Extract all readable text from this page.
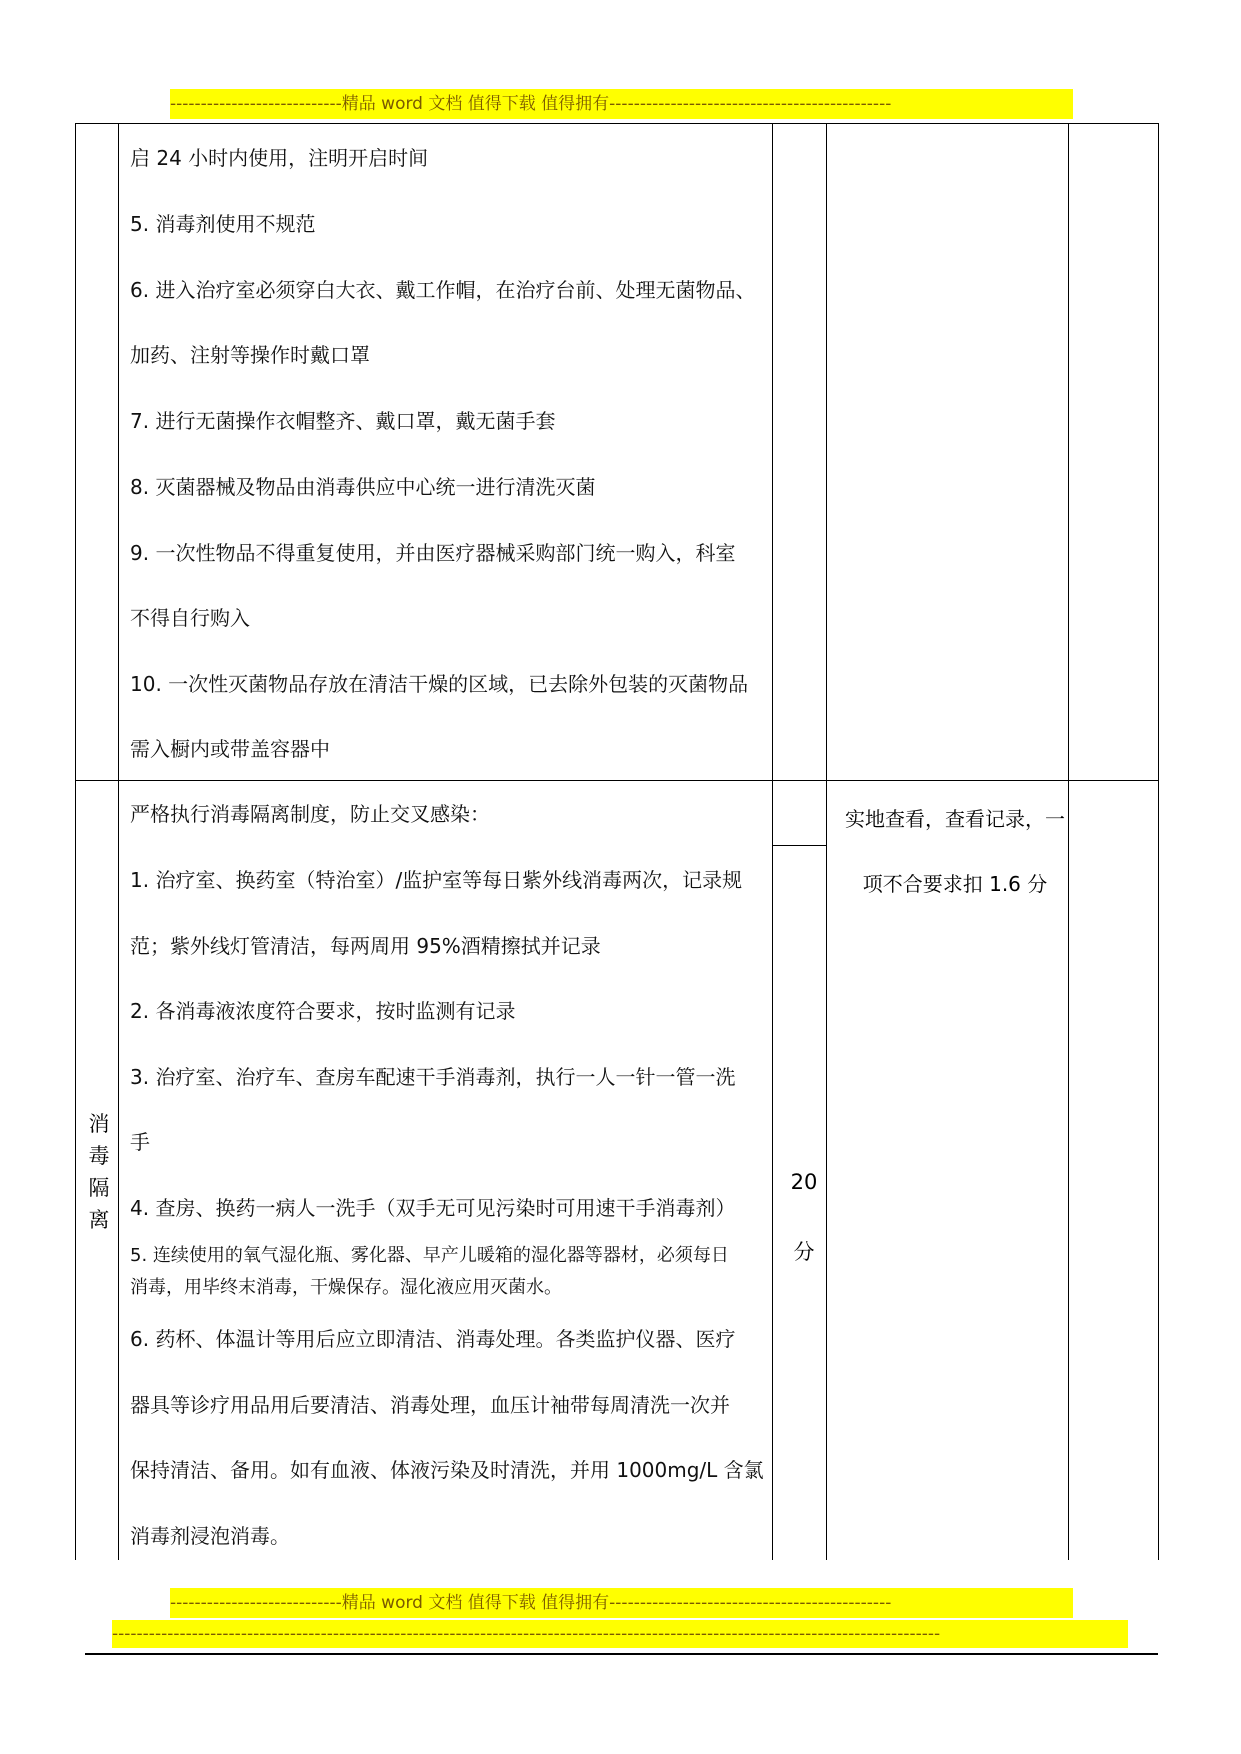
----------------------------精品 word 文档 值得下载 值得拥有----------------------------------------------
启 24 小时内使用，注明开启时间
5. 消毒剂使用不规范
6. 进入治疗室必须穿白大衣、戴工作帽，在治疗台前、处理无菌物品、
加药、注射等操作时戴口罩
7. 进行无菌操作衣帽整齐、戴口罩，戴无菌手套
8. 灭菌器械及物品由消毒供应中心统一进行清洗灭菌
9. 一次性物品不得重复使用，并由医疗器械采购部门统一购入，科室
不得自行购入
10. 一次性灭菌物品存放在清洁干燥的区域，已去除外包装的灭菌物品
需入橱内或带盖容器中
消
毒
隔
离
严格执行消毒隔离制度，防止交叉感染：
1. 治疗室、换药室（特治室）/监护室等每日紫外线消毒两次，记录规
范；紫外线灯管清洁，每两周用 95%酒精擦拭并记录
2. 各消毒液浓度符合要求，按时监测有记录
3. 治疗室、治疗车、查房车配速干手消毒剂，执行一人一针一管一洗
手
4. 查房、换药一病人一洗手（双手无可见污染时可用速干手消毒剂）
5. 连续使用的氧气湿化瓶、雾化器、早产儿暖箱的湿化器等器材，必须每日
消毒，用毕终末消毒，干燥保存。湿化液应用灭菌水。
6. 药杯、体温计等用后应立即清洁、消毒处理。各类监护仪器、医疗
器具等诊疗用品用后要清洁、消毒处理，血压计袖带每周清洗一次并
保持清洁、备用。如有血液、体液污染及时清洗，并用 1000mg/L 含氯
消毒剂浸泡消毒。
20
分
实地查看，查看记录，一
项不合要求扣 1.6 分
----------------------------精品 word 文档 值得下载 值得拥有----------------------------------------------
---------------------------------------------------------------------------------------------------------------------------------------
